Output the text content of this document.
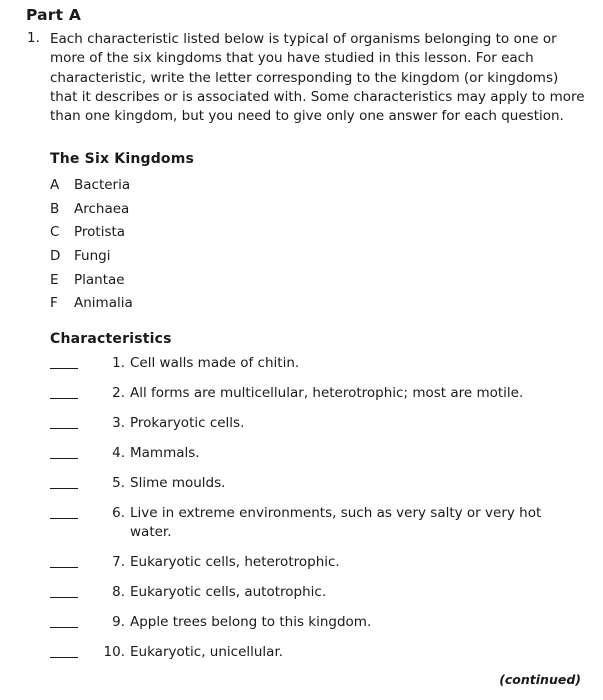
Part A
1. Each characteristic listed below is typical of organisms belonging to one or more of the six kingdoms that you have studied in this lesson. For each characteristic, write the letter corresponding to the kingdom (or kingdoms) that it describes or is associated with. Some characteristics may apply to more than one kingdom, but you need to give only one answer for each question.
The Six Kingdoms
A Bacteria
B Archaea
C Protista
D Fungi
E Plantae
F Animalia
Characteristics
1. Cell walls made of chitin.
2. All forms are multicellular, heterotrophic; most are motile.
3. Prokaryotic cells.
4. Mammals.
5. Slime moulds.
6. Live in extreme environments, such as very salty or very hot water.
7. Eukaryotic cells, heterotrophic.
8. Eukaryotic cells, autotrophic.
9. Apple trees belong to this kingdom.
10. Eukaryotic, unicellular.
(continued)
